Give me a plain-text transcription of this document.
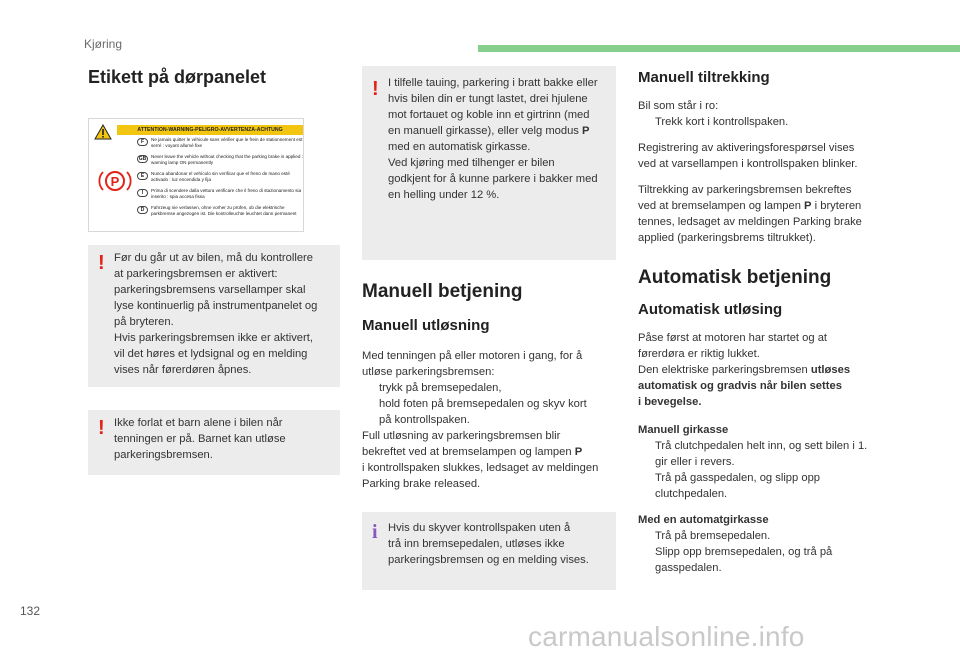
Kjøring
Etikett på dørpanelet
ATTENTION-WARNING-PELIGRO-AVVERTENZA-ACHTUNG
P
F	Ne jamais quitter le véhicule sans vérifier que le frein de stationnement est serré : voyant allumé fixe
GB	Never leave the vehicle without checking that the parking brake is applied : warning lamp ON permanently
E	Nunca abandonar el vehículo sin verificar que el freno de mano esté activado : luz encendida y fija
I	Prima di scendere dalla vettura verificare che il freno di stazionamento sia inserito : spia accesa fissa
D	Fahrzeug nie verlassen, ohne vorher zu prüfen, ob die elektrische parkbremse angezogen ist. Die kontrolleuchte leuchtet dann permanent
! Før du går ut av bilen, må du kontrollere
at parkeringsbremsen er aktivert:
parkeringsbremsens varsellamper skal
lyse kontinuerlig på instrumentpanelet og
på bryteren.
Hvis parkeringsbremsen ikke er aktivert,
vil det høres et lydsignal og en melding
vises når førerdøren åpnes.

! Ikke forlat et barn alene i bilen når
tenningen er på. Barnet kan utløse
parkeringsbremsen.

! I tilfelle tauing, parkering i bratt bakke eller
hvis bilen din er tungt lastet, drei hjulene
mot fortauet og koble inn et girtrinn (med
en manuell girkasse), eller velg modus P
med en automatisk girkasse.
Ved kjøring med tilhenger er bilen
godkjent for å kunne parkere i bakker med
en helling under 12 %.

Manuell betjening
Manuell utløsning

Med tenningen på eller motoren i gang, for å
utløse parkeringsbremsen:

trykk på bremsepedalen,
hold foten på bremsepedalen og skyv kort
på kontrollspaken.

Full utløsning av parkeringsbremsen blir
bekreftet ved at bremselampen og lampen P
i kontrollspaken slukkes, ledsaget av meldingen
Parking brake released.

i Hvis du skyver kontrollspaken uten å
trå inn bremsepedalen, utløses ikke
parkeringsbremsen og en melding vises.

Manuell tiltrekking

Bil som står i ro:

Trekk kort i kontrollspaken.

Registrering av aktiveringsforespørsel vises
ved at varsellampen i kontrollspaken blinker.

Tiltrekking av parkeringsbremsen bekreftes
ved at bremselampen og lampen P i bryteren
tennes, ledsaget av meldingen Parking brake
applied (parkeringsbrems tiltrukket).

Automatisk betjening
Automatisk utløsing

Påse først at motoren har startet og at
førerdøra er riktig lukket.
Den elektriske parkeringsbremsen utløses
automatisk og gradvis når bilen settes
i bevegelse.

Manuell girkasse

Trå clutchpedalen helt inn, og sett bilen i 1.
gir eller i revers.
Trå på gasspedalen, og slipp opp
clutchpedalen.

Med en automatgirkasse

Trå på bremsepedalen.
Slipp opp bremsepedalen, og trå på
gasspedalen.
132
carmanualsonline.info
